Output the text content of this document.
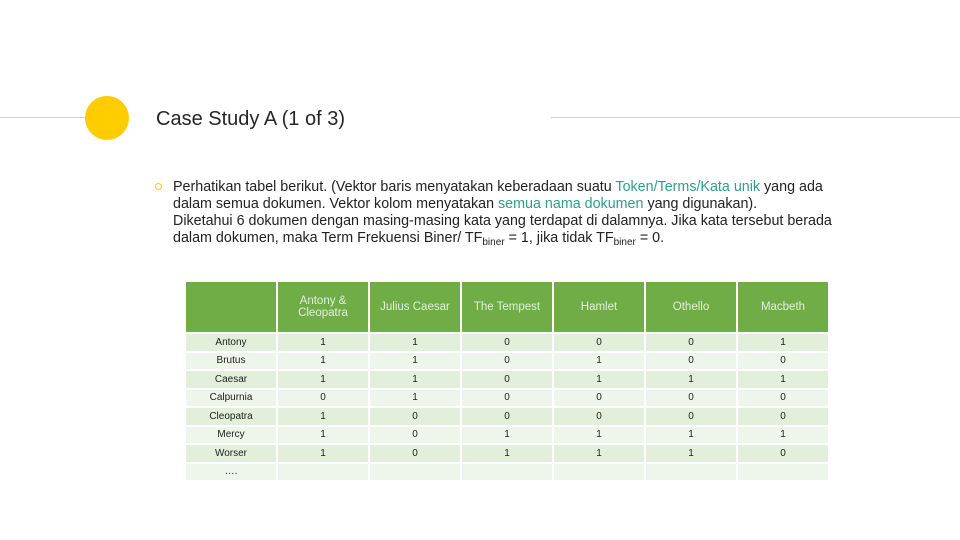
Case Study A (1 of 3)
Perhatikan tabel berikut. (Vektor baris menyatakan keberadaan suatu Token/Terms/Kata unik yang ada dalam semua dokumen. Vektor kolom menyatakan semua nama dokumen yang digunakan).
Diketahui 6 dokumen dengan masing-masing kata yang terdapat di dalamnya. Jika kata tersebut berada dalam dokumen, maka Term Frekuensi Biner/ $TF_{biner} = 1$, jika tidak $TF_{biner} = 0$.
	Antony & Cleopatra	Julius Caesar	The Tempest	Hamlet	Othello	Macbeth
Antony	1	1	0	0	0	1
Brutus	1	1	0	1	0	0
Caesar	1	1	0	1	1	1
Calpurnia	0	1	0	0	0	0
Cleopatra	1	0	0	0	0	0
Mercy	1	0	1	1	1	1
Worser	1	0	1	1	1	0
….						
